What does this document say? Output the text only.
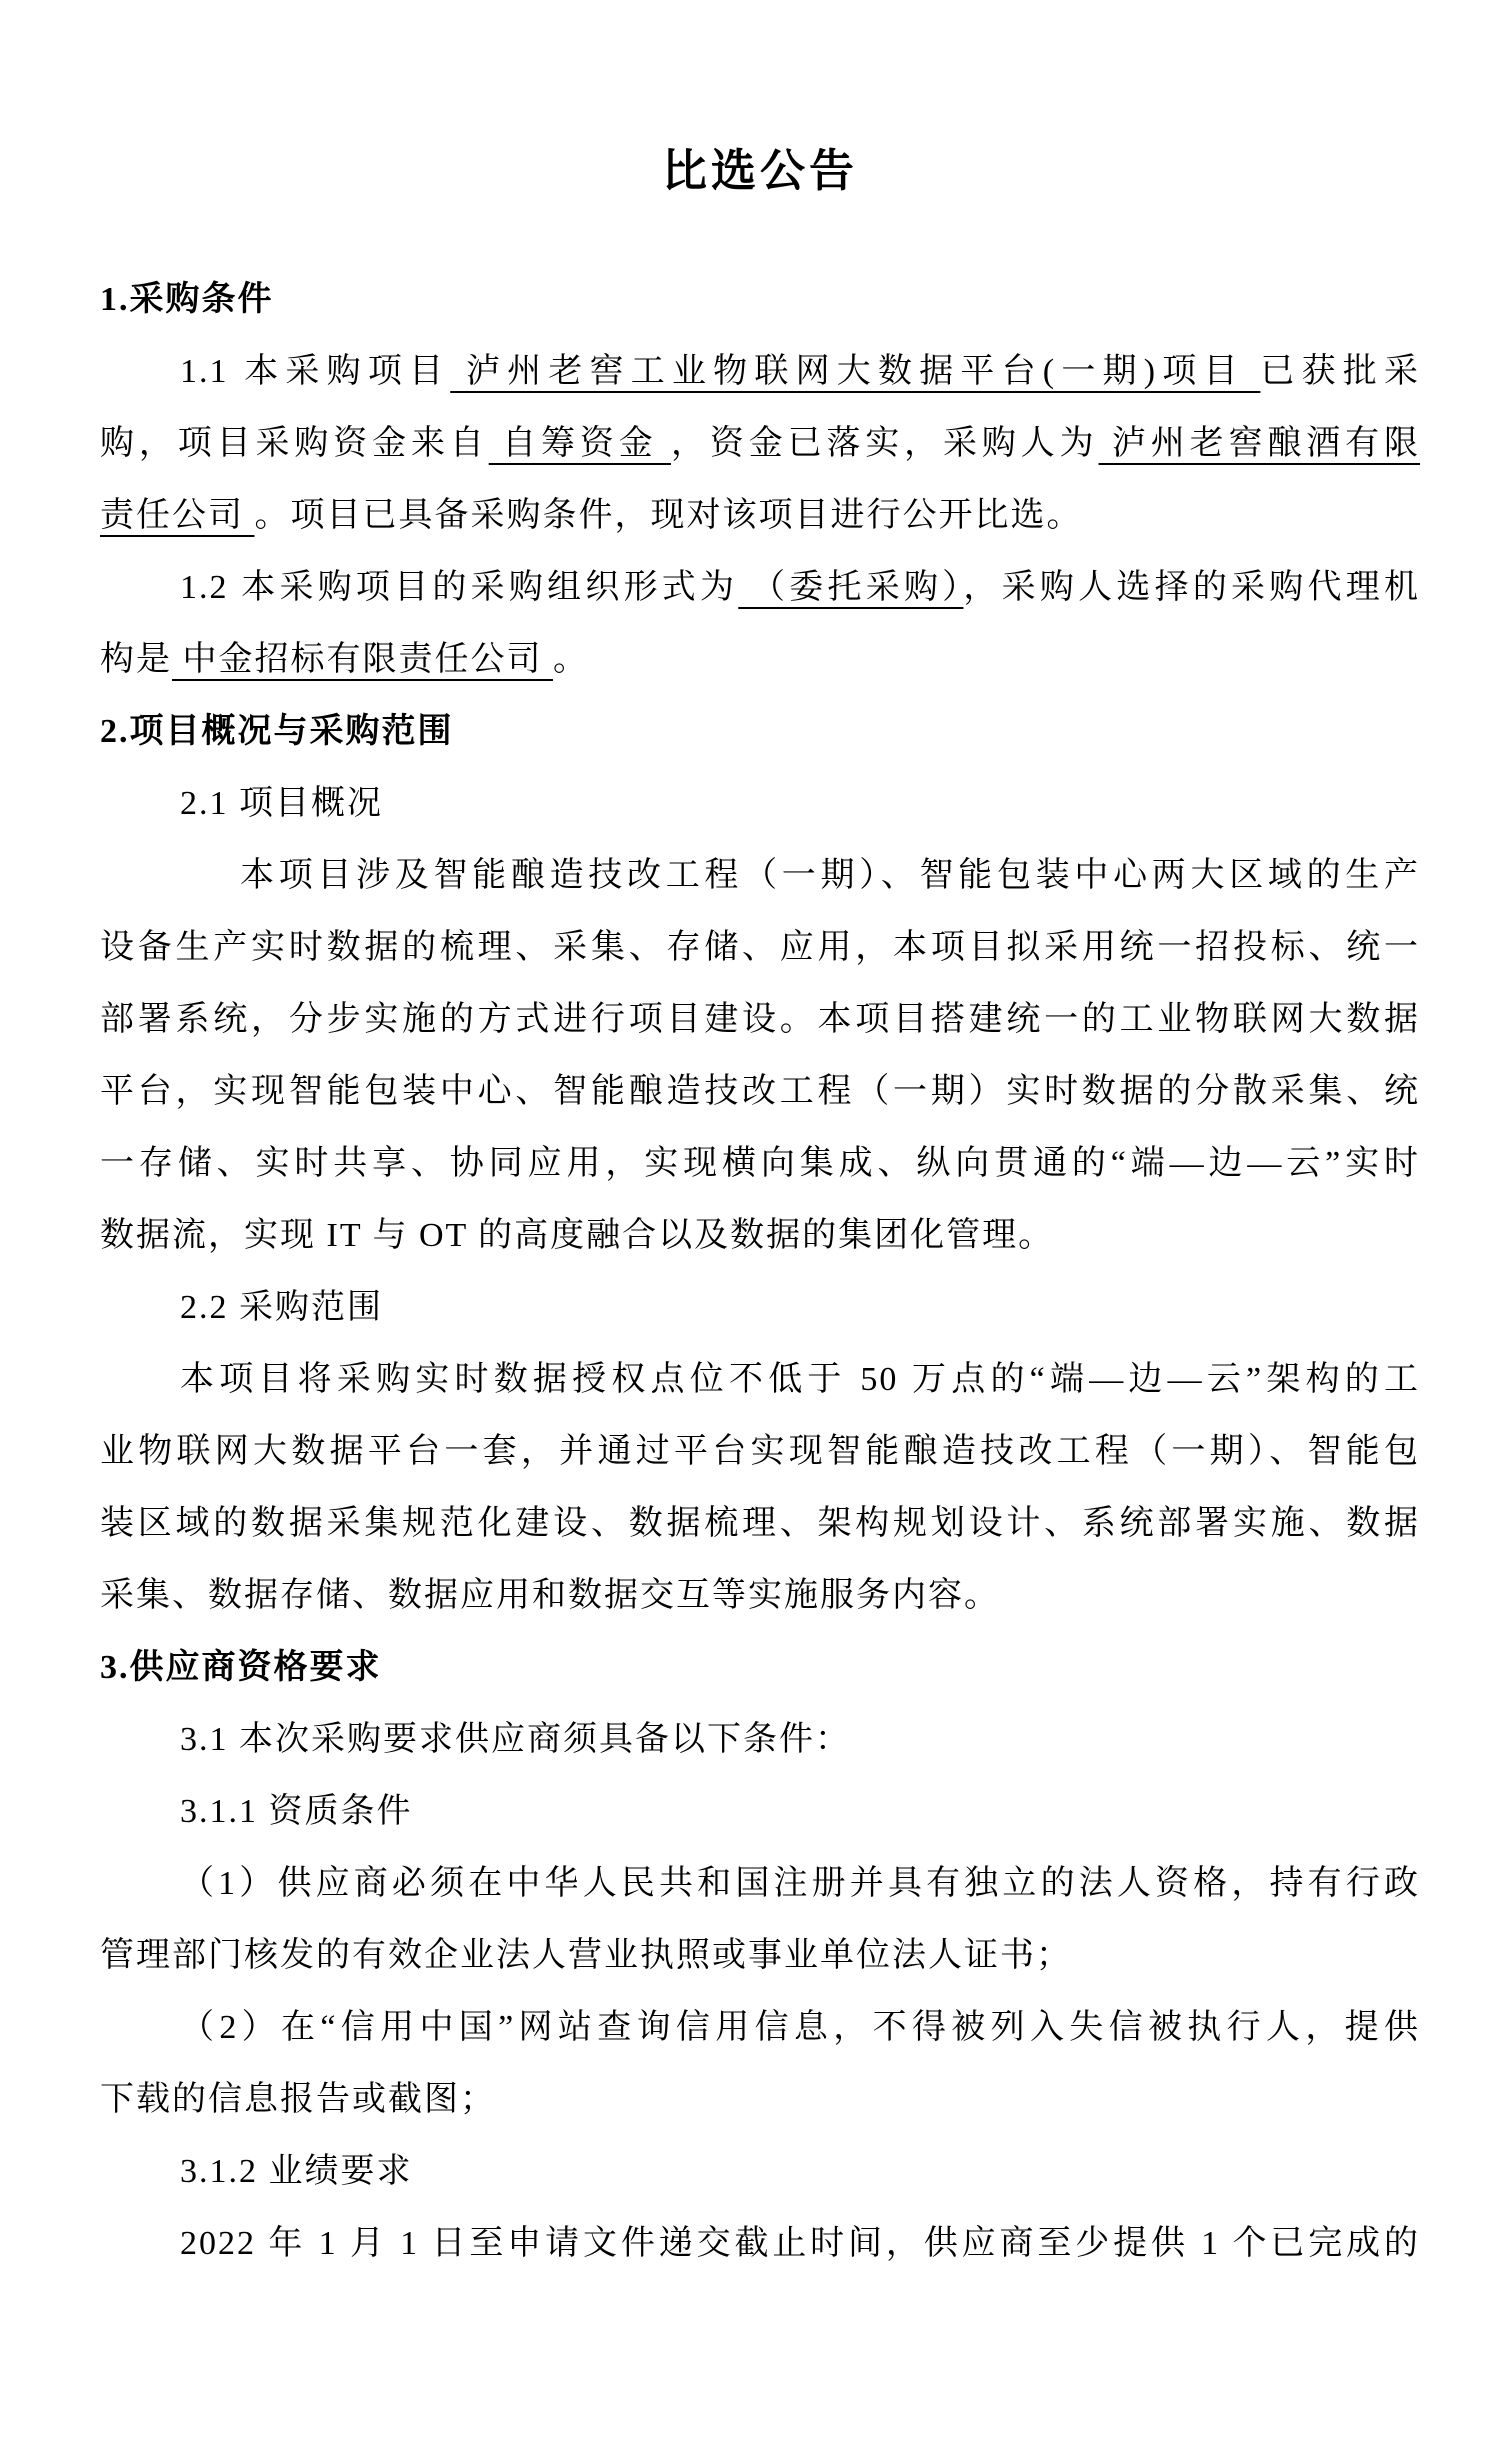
比选公告
1.采购条件
1.1 本采购项目 泸州老窖工业物联网大数据平台(一期)项目 已获批采
购，项目采购资金来自 自筹资金 ，资金已落实，采购人为 泸州老窖酿酒有限
责任公司 。项目已具备采购条件，现对该项目进行公开比选。
1.2 本采购项目的采购组织形式为 （委托采购），采购人选择的采购代理机
构是 中金招标有限责任公司 。
2.项目概况与采购范围
2.1 项目概况
本项目涉及智能酿造技改工程（一期）、智能包装中心两大区域的生产
设备生产实时数据的梳理、采集、存储、应用，本项目拟采用统一招投标、统一
部署系统，分步实施的方式进行项目建设。本项目搭建统一的工业物联网大数据
平台，实现智能包装中心、智能酿造技改工程（一期）实时数据的分散采集、统
一存储、实时共享、协同应用，实现横向集成、纵向贯通的“端—边—云”实时
数据流，实现 IT 与 OT 的高度融合以及数据的集团化管理。
2.2 采购范围
本项目将采购实时数据授权点位不低于 50 万点的“端—边—云”架构的工
业物联网大数据平台一套，并通过平台实现智能酿造技改工程（一期）、智能包
装区域的数据采集规范化建设、数据梳理、架构规划设计、系统部署实施、数据
采集、数据存储、数据应用和数据交互等实施服务内容。
3.供应商资格要求
3.1 本次采购要求供应商须具备以下条件：
3.1.1 资质条件
（1）供应商必须在中华人民共和国注册并具有独立的法人资格，持有行政
管理部门核发的有效企业法人营业执照或事业单位法人证书；
（2）在“信用中国”网站查询信用信息，不得被列入失信被执行人，提供
下载的信息报告或截图；
3.1.2 业绩要求
2022 年 1 月 1 日至申请文件递交截止时间，供应商至少提供 1 个已完成的
